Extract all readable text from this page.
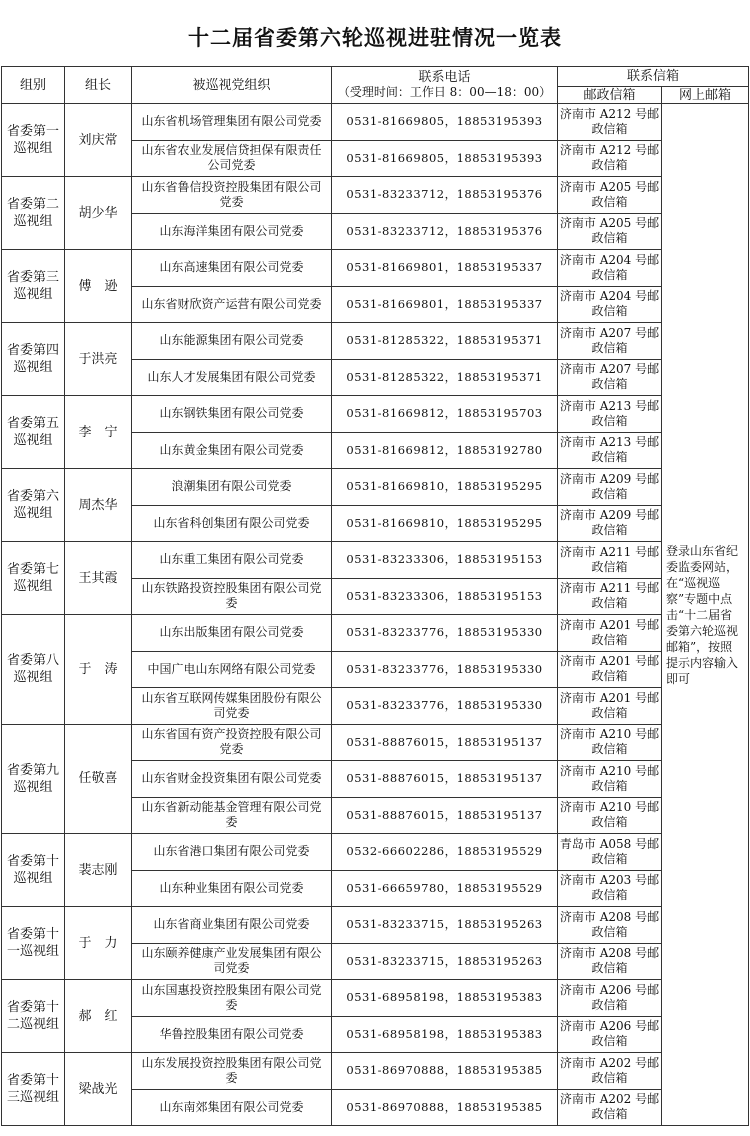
十二届省委第六轮巡视进驻情况一览表
组别	组长	被巡视党组织	联系电话
（受理时间：工作日 8：00—18：00）	联系信箱	
				邮政信箱	网上邮箱
省委第一巡视组	刘庆常	山东省机场管理集团有限公司党委	0531-81669805，18853195393	济南市 A212 号邮政信箱	登录山东省纪委监委网站，在“巡视巡察”专题中点击“十二届省委第六轮巡视邮箱”，按照提示内容输入即可
		山东省农业发展信贷担保有限责任公司党委	0531-81669805，18853195393	济南市 A212 号邮政信箱	
省委第二巡视组	胡少华	山东省鲁信投资控股集团有限公司党委	0531-83233712，18853195376	济南市 A205 号邮政信箱	
		山东海洋集团有限公司党委	0531-83233712，18853195376	济南市 A205 号邮政信箱	
省委第三巡视组	傅　逊	山东高速集团有限公司党委	0531-81669801，18853195337	济南市 A204 号邮政信箱	
		山东省财欣资产运营有限公司党委	0531-81669801，18853195337	济南市 A204 号邮政信箱	
省委第四巡视组	于洪亮	山东能源集团有限公司党委	0531-81285322，18853195371	济南市 A207 号邮政信箱	
		山东人才发展集团有限公司党委	0531-81285322，18853195371	济南市 A207 号邮政信箱	
省委第五巡视组	李　宁	山东钢铁集团有限公司党委	0531-81669812，18853195703	济南市 A213 号邮政信箱	
		山东黄金集团有限公司党委	0531-81669812，18853192780	济南市 A213 号邮政信箱	
省委第六巡视组	周杰华	浪潮集团有限公司党委	0531-81669810，18853195295	济南市 A209 号邮政信箱	
		山东省科创集团有限公司党委	0531-81669810，18853195295	济南市 A209 号邮政信箱	
省委第七巡视组	王其霞	山东重工集团有限公司党委	0531-83233306，18853195153	济南市 A211 号邮政信箱	
		山东铁路投资控股集团有限公司党委	0531-83233306，18853195153	济南市 A211 号邮政信箱	
省委第八巡视组	于　涛	山东出版集团有限公司党委	0531-83233776，18853195330	济南市 A201 号邮政信箱	
		中国广电山东网络有限公司党委	0531-83233776，18853195330	济南市 A201 号邮政信箱	
		山东省互联网传媒集团股份有限公司党委	0531-83233776，18853195330	济南市 A201 号邮政信箱	
省委第九巡视组	任敬喜	山东省国有资产投资控股有限公司党委	0531-88876015，18853195137	济南市 A210 号邮政信箱	
		山东省财金投资集团有限公司党委	0531-88876015，18853195137	济南市 A210 号邮政信箱	
		山东省新动能基金管理有限公司党委	0531-88876015，18853195137	济南市 A210 号邮政信箱	
省委第十巡视组	裴志刚	山东省港口集团有限公司党委	0532-66602286，18853195529	青岛市 A058 号邮政信箱	
		山东种业集团有限公司党委	0531-66659780，18853195529	济南市 A203 号邮政信箱	
省委第十一巡视组	于　力	山东省商业集团有限公司党委	0531-83233715，18853195263	济南市 A208 号邮政信箱	
		山东颐养健康产业发展集团有限公司党委	0531-83233715，18853195263	济南市 A208 号邮政信箱	
省委第十二巡视组	郝　红	山东国惠投资控股集团有限公司党委	0531-68958198，18853195383	济南市 A206 号邮政信箱	
		华鲁控股集团有限公司党委	0531-68958198，18853195383	济南市 A206 号邮政信箱	
省委第十三巡视组	梁战光	山东发展投资控股集团有限公司党委	0531-86970888，18853195385	济南市 A202 号邮政信箱	
		山东南郊集团有限公司党委	0531-86970888，18853195385	济南市 A202 号邮政信箱	
